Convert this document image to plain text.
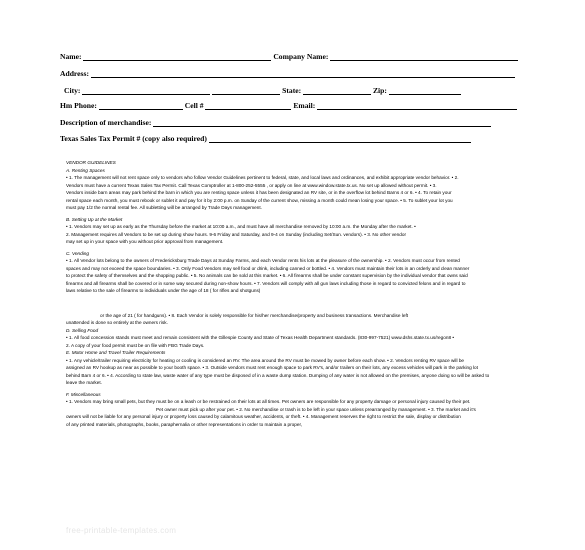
Name:	Company Name:
Address:
City:	State:	Zip:
Hm Phone:	Cell #	Email:
Description of merchandise:
Texas Sales Tax Permit # (copy also required)

VENDOR GUIDELINES

A. Renting Spaces

• 1. The management will not rent space only to vendors who follow Vendor Guidelines pertinent to federal, state, and local laws and ordinances, and exhibit appropriate vendor behavior. • 2.

Vendors must have a current Texas Sales Tax Permit. Call Texas Comptroller at 1-800-252-5555 , or apply on line at www.window.state.tx.us. No set up allowed without permit. • 3.

Vendors inside barn areas may park behind the barn in which you are renting space unless it has been designated an RV site, or in the overflow lot behind Barns 4 or 6. • 4. To retain your

rental space each month, you must rebook or sublet it and pay for it by 2:00 p.m. on Sunday of the current show, missing a month could mean losing your space. • 5. To sublet your lot you

must pay 1/2 the normal rental fee. All subletting will be arranged by Trade Days management.

B. Setting Up at the Market

• 1. Vendors may set up as early as the Thursday before the market at 10:00 a.m., and must have all merchandise removed by 10:00 a.m. the Monday after the market. •

2. Management requires all Vendors to be set up during show hours. 9-6 Friday and Saturday, and 9-4 on Sunday (including Set/Sun. vendors). • 3. No other vendor

may set up in your space with you without prior approval from management.

C. Vending

• 1. All Vendor lots belong to the owners of Fredericksburg Trade Days at Sunday Farms, and each Vendor rents his lots at the pleasure of the ownership. • 2. Vendors must occur from rented

spaces and may not exceed the space boundaries. • 3. Only Food Vendors may sell food or drink, including canned or bottled. • 4. Vendors must maintain their lots in an orderly and clean manner

to protect the safety of themselves and the shopping public. • 5. No animals can be sold at this market. • 6. All firearms shall be under constant supervision by the individual vendor that owns said

firearms and all firearms shall be covered or in some way secured during non-show hours. • 7. Vendors will comply with all gun laws including those in regard to convicted felons and in regard to

laws relative to the sale of firearms to individuals under the age of 18 ( for rifles and shotguns)

or the age of 21 ( for handguns). • 8. Each Vendor is solely responsible for his/her merchandise/property and business transactions. Merchandise left

unattended is done so entirely at the owners risk.

D. Selling Food

• 1. All food concession stands must meet and remain consistent with the Gillespie County and State of Texas Health Department standards. (830-997-7521) www.dshs.state.tx.us/regon8 •

2. A copy of your food permit must be on file with FBG Trade Days.

E. Motor Home and Travel Trailer Requirements

• 1. Any vehicle/trailer requiring electricity for heating or cooling is considered an RV. The area around the RV must be mowed by owner before each show. • 2. Vendors renting RV space will be

assigned an RV hookup as near as possible to your booth space. • 3. Outside vendors must rent enough space to park RV's, and/or trailers on their lots, any excess vehicles will park in the parking lot

behind Barn 4 or 6. • 4. According to state law, waste water of any type must be disposed of in a waste dump station. Dumping of any water is not allowed on the premises, anyone doing so will be asked to

leave the market.

F. Miscellaneous

• 1. Vendors may bring small pets, but they must be on a leash or be restrained on their lots at all times. Pet owners are responsible for any property damage or personal injury caused by their pet.

Pet owner must pick up after your pet. • 2. No merchandise or trash is to be left in your space unless prearranged by management. • 3. The market and it's

owners will not be liable for any personal injury or property loss caused by calamitous weather, accidents, or theft. • 4. Management reserves the right to restrict the sale, display or distribution

of any printed materials, photographs, books, paraphernalia or other representations in order to maintain a proper,

free-printable-templates.com
